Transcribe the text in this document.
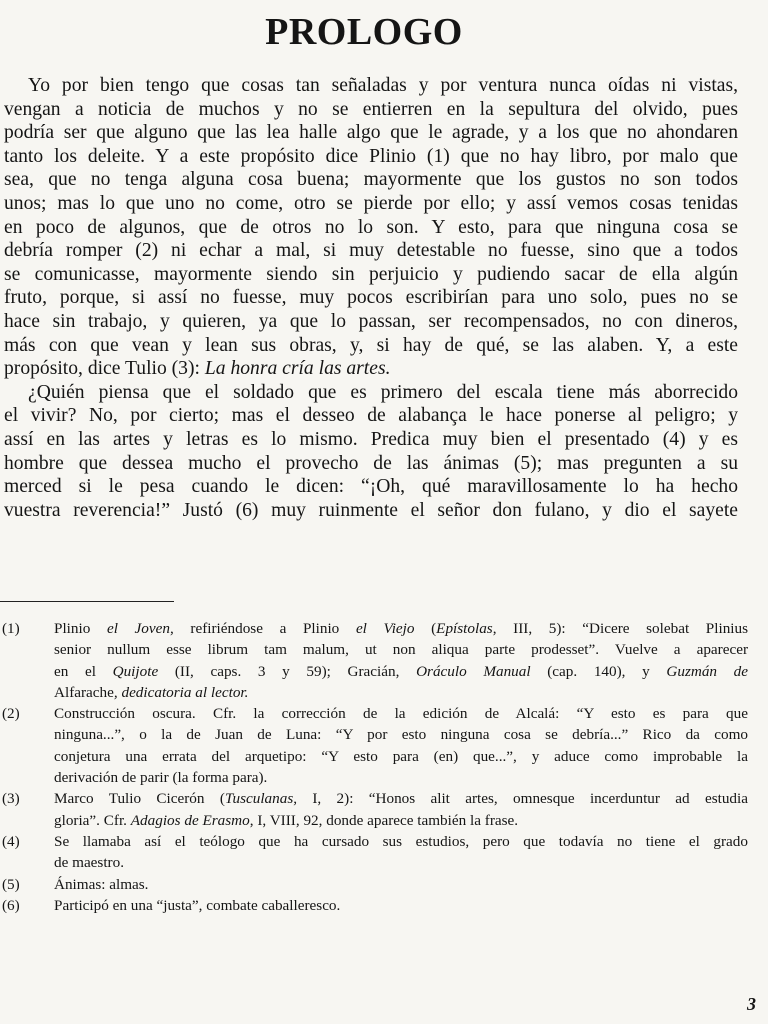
PROLOGO
Yo por bien tengo que cosas tan señaladas y por ventura nunca oídas ni vistas,
vengan a noticia de muchos y no se entierren en la sepultura del olvido, pues
podría ser que alguno que las lea halle algo que le agrade, y a los que no ahondaren
tanto los deleite. Y a este propósito dice Plinio (1) que no hay libro, por malo que
sea, que no tenga alguna cosa buena; mayormente que los gustos no son todos
unos; mas lo que uno no come, otro se pierde por ello; y assí vemos cosas tenidas
en poco de algunos, que de otros no lo son. Y esto, para que ninguna cosa se
debría romper (2) ni echar a mal, si muy detestable no fuesse, sino que a todos
se comunicasse, mayormente siendo sin perjuicio y pudiendo sacar de ella algún
fruto, porque, si assí no fuesse, muy pocos escribirían para uno solo, pues no se
hace sin trabajo, y quieren, ya que lo passan, ser recompensados, no con dineros,
más con que vean y lean sus obras, y, si hay de qué, se las alaben. Y, a este
propósito, dice Tulio (3): La honra cría las artes.
¿Quién piensa que el soldado que es primero del escala tiene más aborrecido
el vivir? No, por cierto; mas el desseo de alabança le hace ponerse al peligro; y
assí en las artes y letras es lo mismo. Predica muy bien el presentado (4) y es
hombre que dessea mucho el provecho de las ánimas (5); mas pregunten a su
merced si le pesa cuando le dicen: “¡Oh, qué maravillosamente lo ha hecho
vuestra reverencia!” Justó (6) muy ruinmente el señor don fulano, y dio el sayete
(1)	Plinio el Joven, refiriéndose a Plinio el Viejo (Epístolas, III, 5): “Dicere solebat Plinius
senior nullum esse librum tam malum, ut non aliqua parte prodesset”. Vuelve a aparecer
en el Quijote (II, caps. 3 y 59); Gracián, Oráculo Manual (cap. 140), y Guzmán de
Alfarache, dedicatoria al lector.
(2)	Construcción oscura. Cfr. la corrección de la edición de Alcalá: “Y esto es para que
ninguna...”, o la de Juan de Luna: “Y por esto ninguna cosa se debría...” Rico da como
conjetura una errata del arquetipo: “Y esto para (en) que...”, y aduce como improbable la
derivación de parir (la forma para).
(3)	Marco Tulio Cicerón (Tusculanas, I, 2): “Honos alit artes, omnesque incerduntur ad estudia
gloria”. Cfr. Adagios de Erasmo, I, VIII, 92, donde aparece también la frase.
(4)	Se llamaba así el teólogo que ha cursado sus estudios, pero que todavía no tiene el grado
de maestro.
(5)	Ánimas: almas.
(6)	Participó en una “justa”, combate caballeresco.
3
